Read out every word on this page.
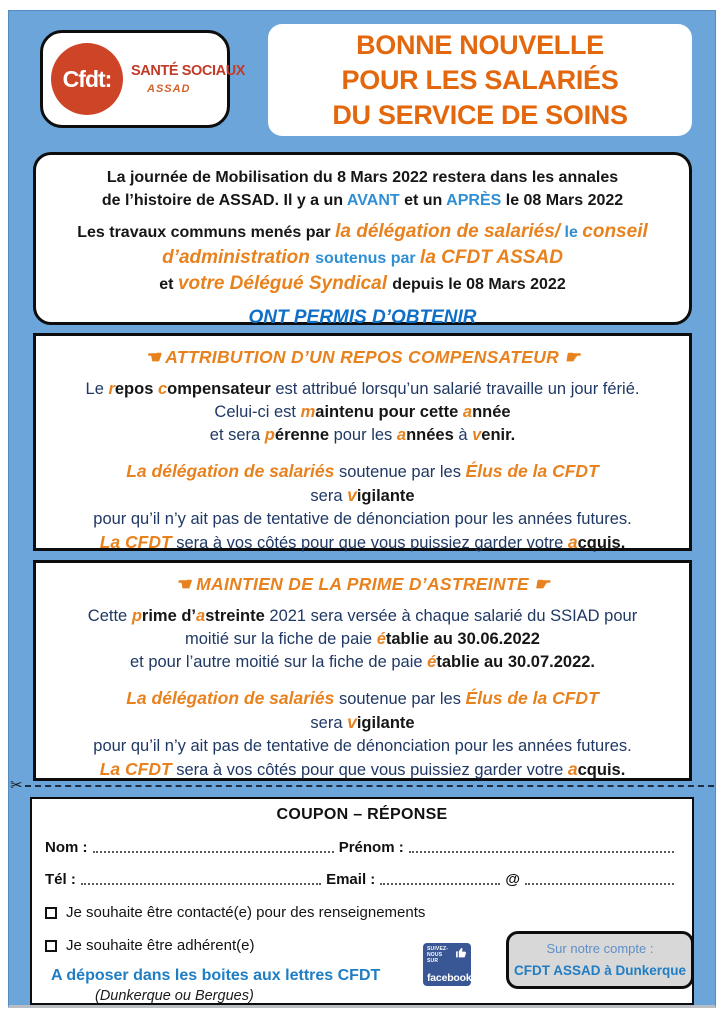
Cfdt: SANTÉ SOCIAUX
ASSAD
BONNE NOUVELLE
POUR LES SALARIÉS
DU SERVICE DE SOINS
La journée de Mobilisation du 8 Mars 2022 restera dans les annales
de l’histoire de ASSAD. Il y a un AVANT et un APRÈS le 08 Mars 2022
Les travaux communs menés par la délégation de salariés/ le conseil
d’administration soutenus par la CFDT ASSAD
et votre Délégué Syndical depuis le 08 Mars 2022
ONT PERMIS D’OBTENIR
☚ ATTRIBUTION D’UN REPOS COMPENSATEUR ☛
Le repos compensateur est attribué lorsqu’un salarié travaille un jour férié.
Celui-ci est maintenu pour cette année
et sera pérenne pour les années à venir.
La délégation de salariés soutenue par les Élus de la CFDT
sera vigilante
pour qu’il n’y ait pas de tentative de dénonciation pour les années futures.
La CFDT sera à vos côtés pour que vous puissiez garder votre acquis.
☚ MAINTIEN DE LA PRIME D’ASTREINTE ☛
Cette prime d’astreinte 2021 sera versée à chaque salarié du SSIAD pour
moitié sur la fiche de paie établie au 30.06.2022
et pour l’autre moitié sur la fiche de paie établie au 30.07.2022.
La délégation de salariés soutenue par les Élus de la CFDT
sera vigilante
pour qu’il n’y ait pas de tentative de dénonciation pour les années futures.
La CFDT sera à vos côtés pour que vous puissiez garder votre acquis.
✂
COUPON – RÉPONSE
Nom :	Prénom :
Tél :	Email :	@
Je souhaite être contacté(e) pour des renseignements
Je souhaite être adhérent(e)
A déposer dans les boites aux lettres CFDT
(Dunkerque ou Bergues)
SUIVEZ-NOUS SUR
facebook
Sur notre compte :
CFDT ASSAD à Dunkerque
